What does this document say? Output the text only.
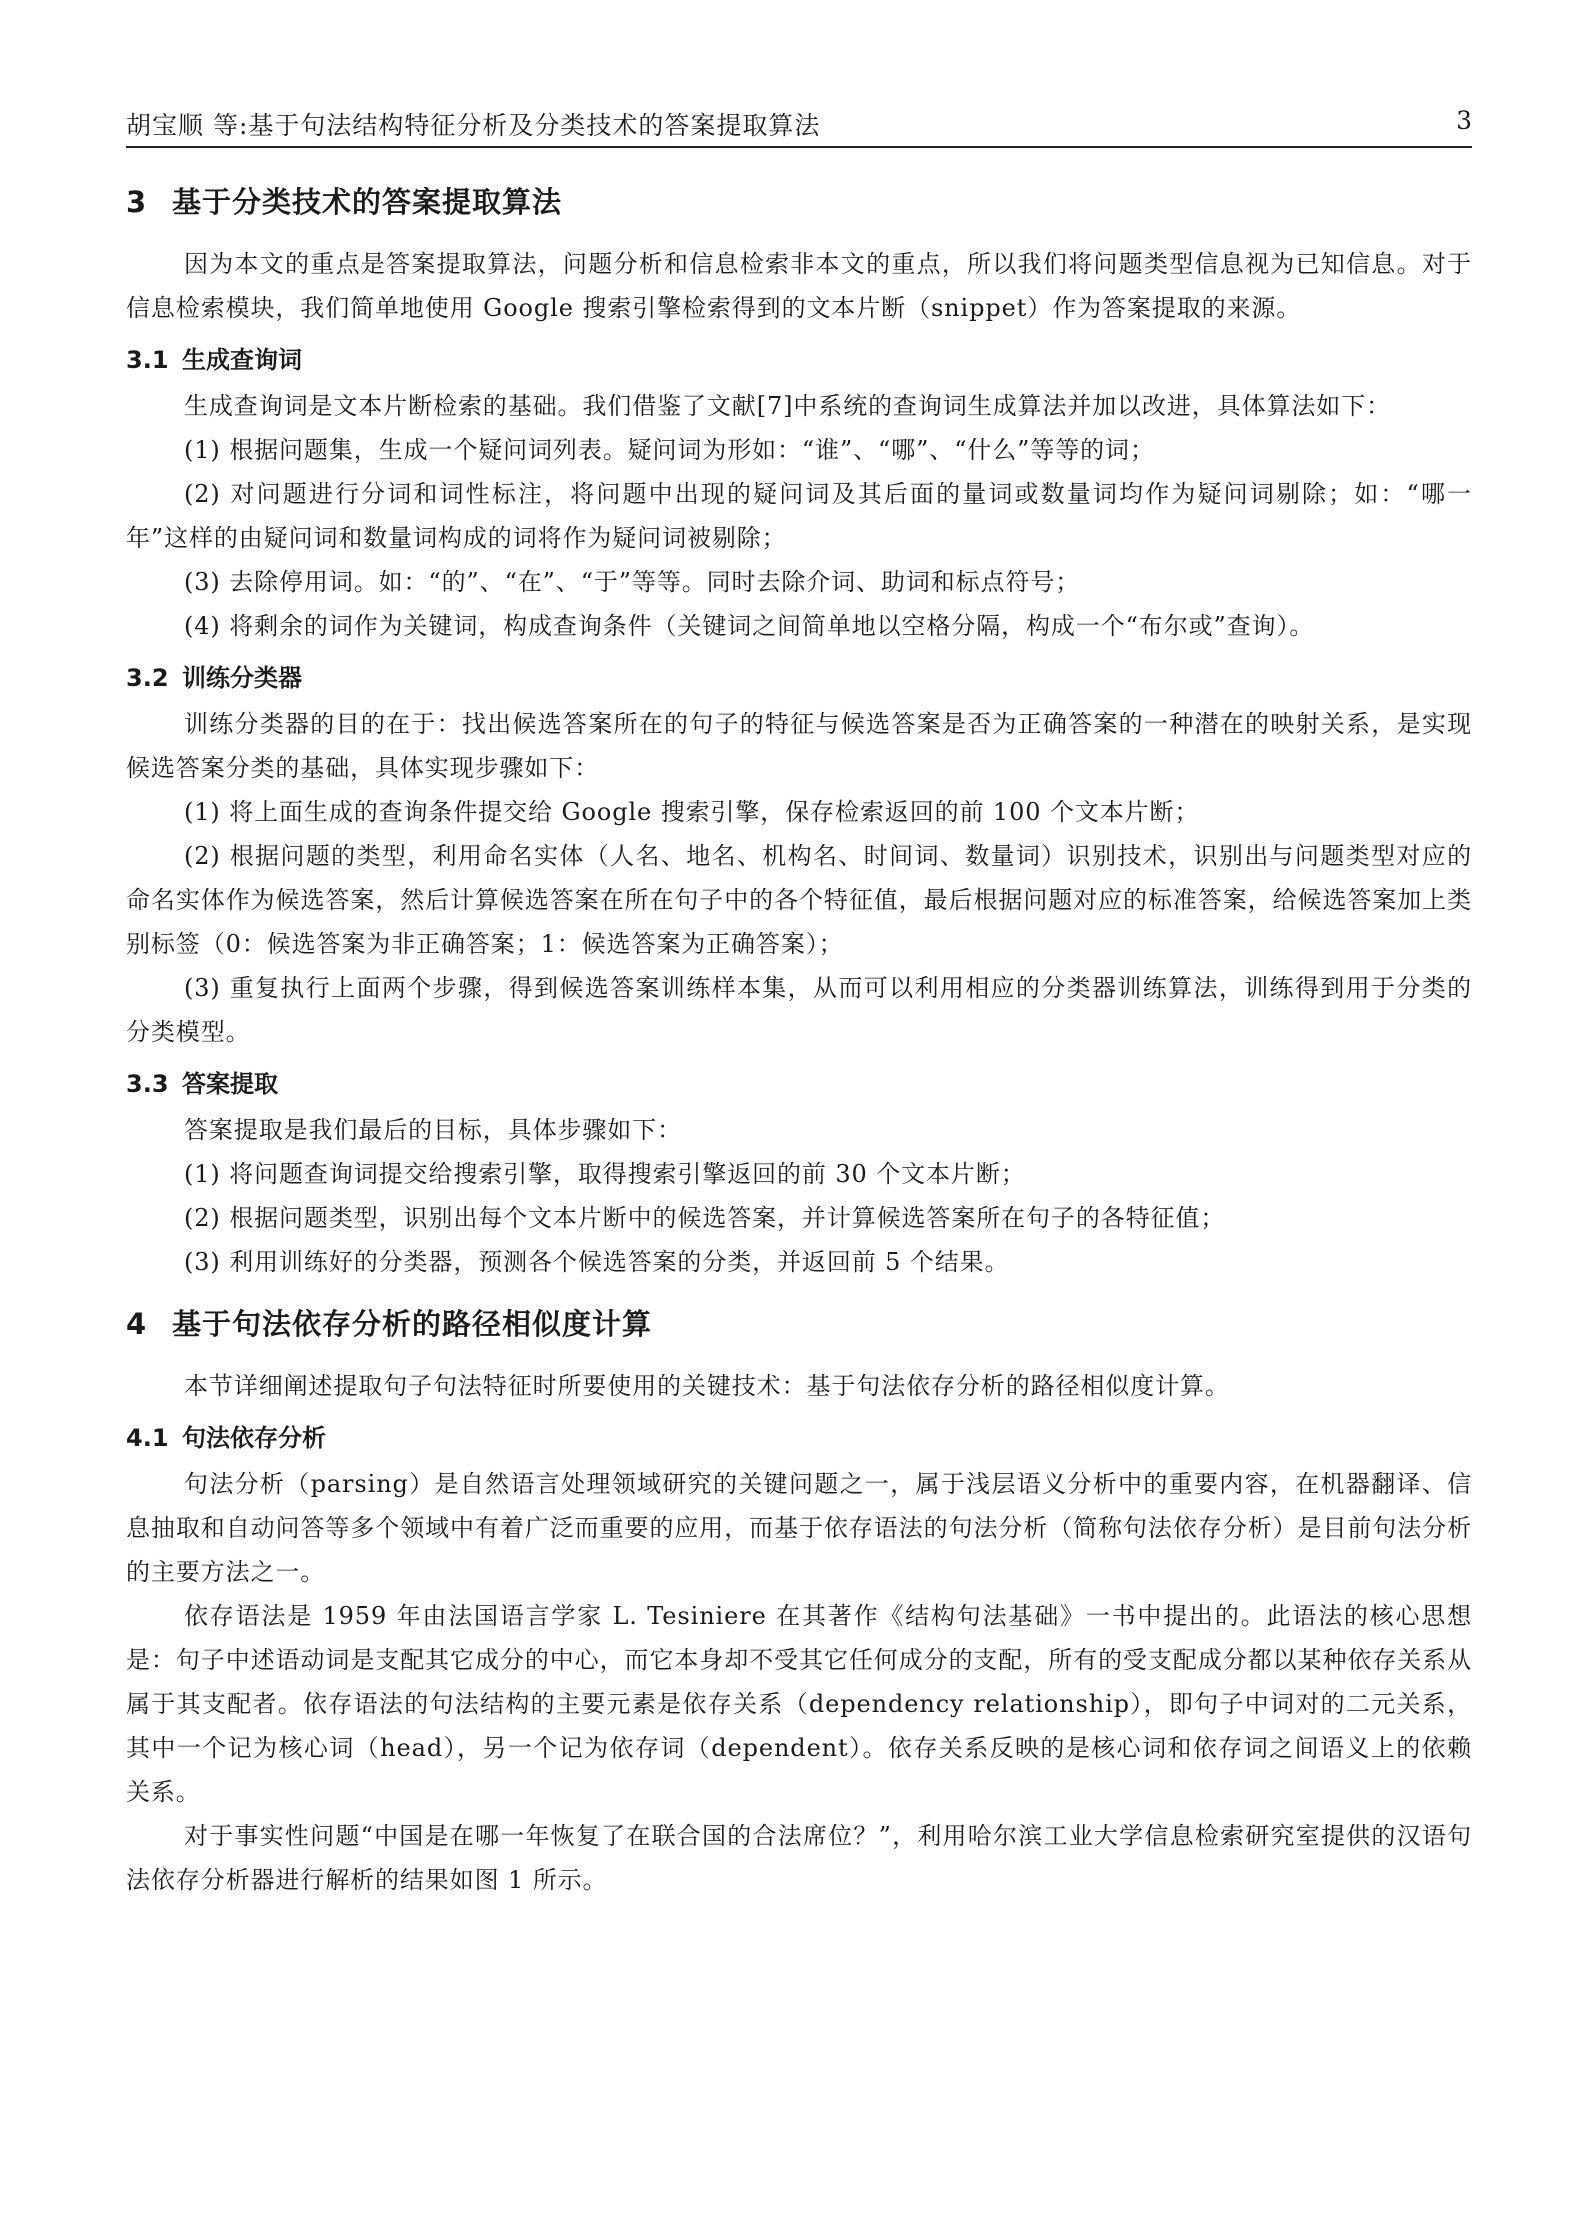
胡宝顺 等:基于句法结构特征分析及分类技术的答案提取算法	3
3 基于分类技术的答案提取算法

因为本文的重点是答案提取算法，问题分析和信息检索非本文的重点，所以我们将问题类型信息视为已知信息。对于信息检索模块，我们简单地使用 Google 搜索引擎检索得到的文本片断（snippet）作为答案提取的来源。

3.1 生成查询词

生成查询词是文本片断检索的基础。我们借鉴了文献[7]中系统的查询词生成算法并加以改进，具体算法如下：

(1) 根据问题集，生成一个疑问词列表。疑问词为形如：“谁”、“哪”、“什么”等等的词；

(2) 对问题进行分词和词性标注，将问题中出现的疑问词及其后面的量词或数量词均作为疑问词剔除；如：“哪一年”这样的由疑问词和数量词构成的词将作为疑问词被剔除；

(3) 去除停用词。如：“的”、“在”、“于”等等。同时去除介词、助词和标点符号；

(4) 将剩余的词作为关键词，构成查询条件（关键词之间简单地以空格分隔，构成一个“布尔或”查询）。

3.2 训练分类器

训练分类器的目的在于：找出候选答案所在的句子的特征与候选答案是否为正确答案的一种潜在的映射关系，是实现候选答案分类的基础，具体实现步骤如下：

(1) 将上面生成的查询条件提交给 Google 搜索引擎，保存检索返回的前 100 个文本片断；

(2) 根据问题的类型，利用命名实体（人名、地名、机构名、时间词、数量词）识别技术，识别出与问题类型对应的命名实体作为候选答案，然后计算候选答案在所在句子中的各个特征值，最后根据问题对应的标准答案，给候选答案加上类别标签（0：候选答案为非正确答案；1：候选答案为正确答案）；

(3) 重复执行上面两个步骤，得到候选答案训练样本集，从而可以利用相应的分类器训练算法，训练得到用于分类的分类模型。

3.3 答案提取

答案提取是我们最后的目标，具体步骤如下：

(1) 将问题查询词提交给搜索引擎，取得搜索引擎返回的前 30 个文本片断；

(2) 根据问题类型，识别出每个文本片断中的候选答案，并计算候选答案所在句子的各特征值；

(3) 利用训练好的分类器，预测各个候选答案的分类，并返回前 5 个结果。

4 基于句法依存分析的路径相似度计算

本节详细阐述提取句子句法特征时所要使用的关键技术：基于句法依存分析的路径相似度计算。

4.1 句法依存分析

句法分析（parsing）是自然语言处理领域研究的关键问题之一，属于浅层语义分析中的重要内容，在机器翻译、信息抽取和自动问答等多个领域中有着广泛而重要的应用，而基于依存语法的句法分析（简称句法依存分析）是目前句法分析的主要方法之一。

依存语法是 1959 年由法国语言学家 L. Tesiniere 在其著作《结构句法基础》一书中提出的。此语法的核心思想是：句子中述语动词是支配其它成分的中心，而它本身却不受其它任何成分的支配，所有的受支配成分都以某种依存关系从属于其支配者。依存语法的句法结构的主要元素是依存关系（dependency relationship），即句子中词对的二元关系，其中一个记为核心词（head），另一个记为依存词（dependent）。依存关系反映的是核心词和依存词之间语义上的依赖关系。

对于事实性问题“中国是在哪一年恢复了在联合国的合法席位？”，利用哈尔滨工业大学信息检索研究室提供的汉语句法依存分析器进行解析的结果如图 1 所示。
